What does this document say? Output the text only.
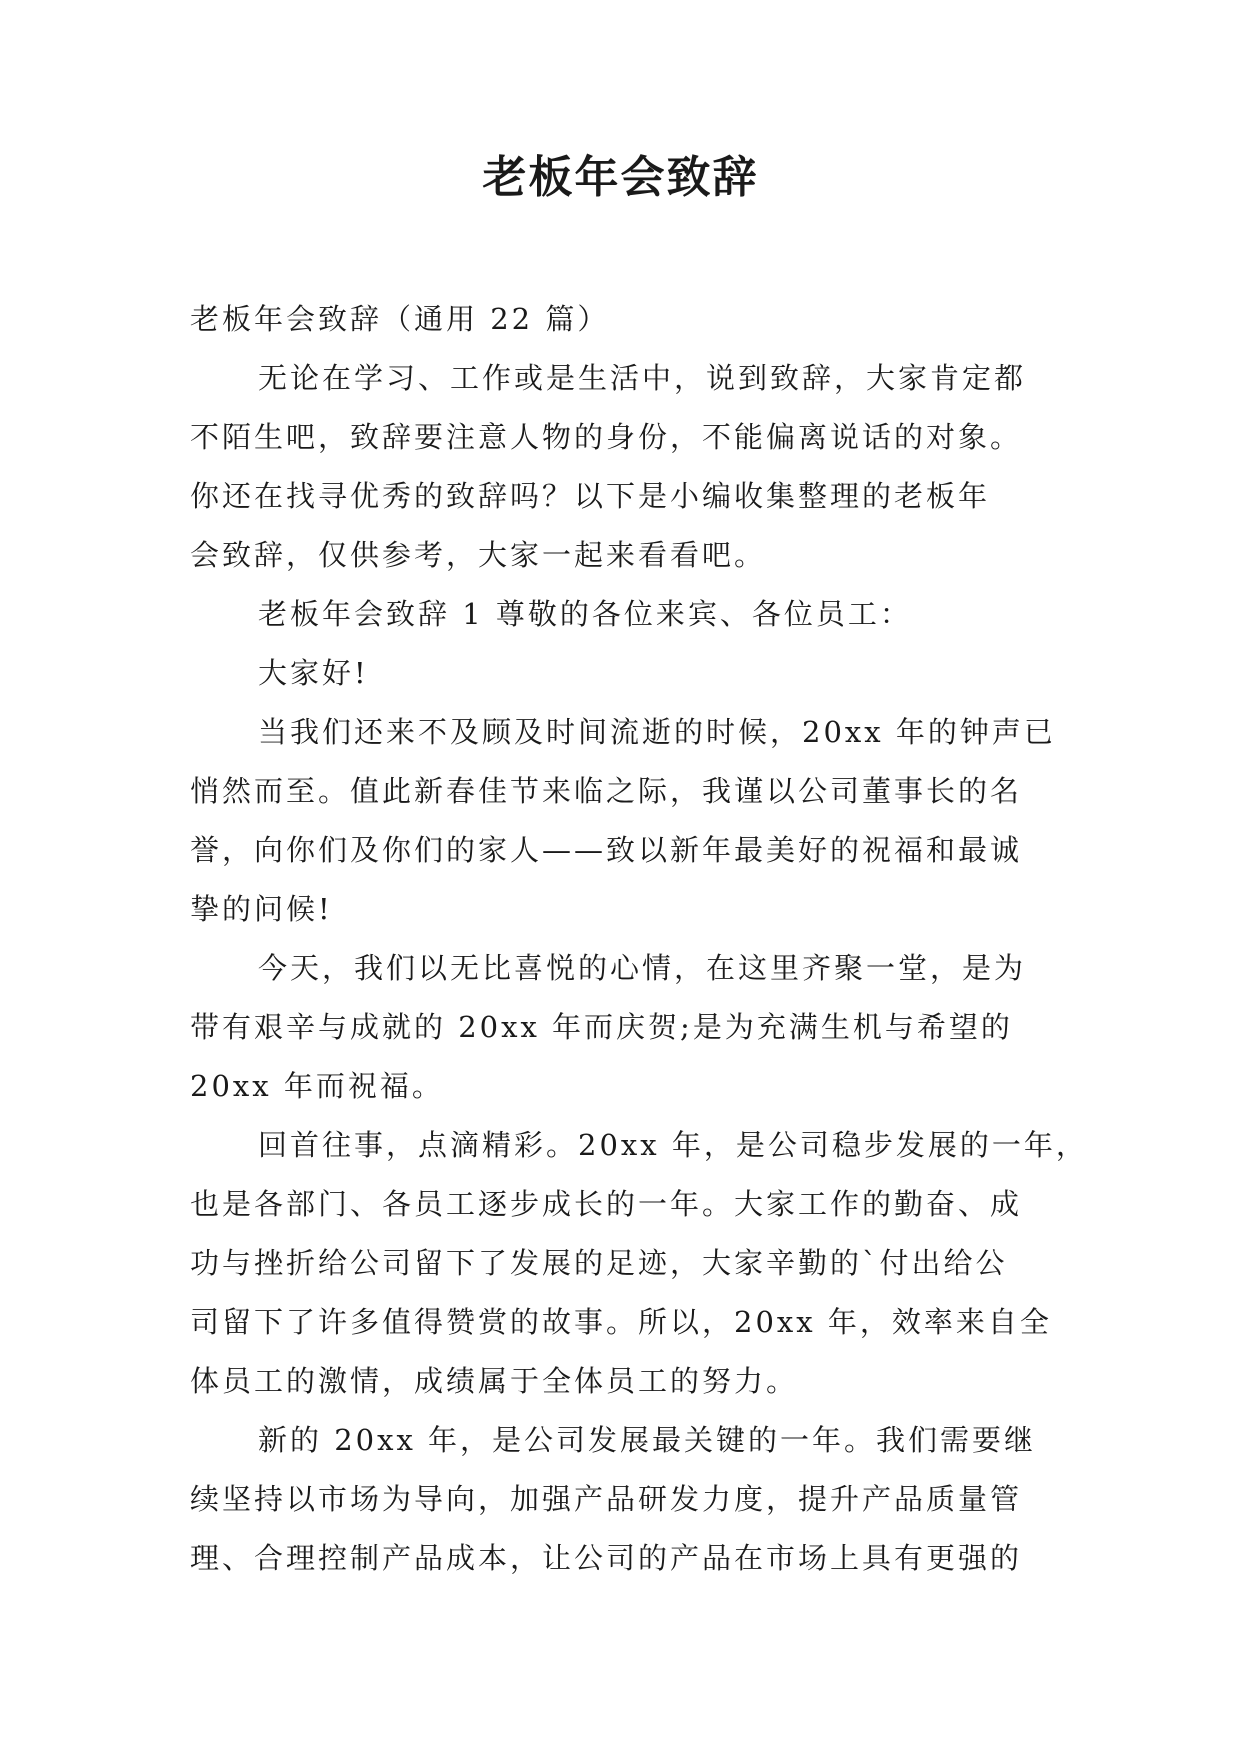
老板年会致辞

老板年会致辞（通用 22 篇）

无论在学习、工作或是生活中，说到致辞，大家肯定都

不陌生吧，致辞要注意人物的身份，不能偏离说话的对象。

你还在找寻优秀的致辞吗？以下是小编收集整理的老板年

会致辞，仅供参考，大家一起来看看吧。

老板年会致辞 1 尊敬的各位来宾、各位员工：

大家好!

当我们还来不及顾及时间流逝的时候，20xx 年的钟声已

悄然而至。值此新春佳节来临之际，我谨以公司董事长的名

誉，向你们及你们的家人——致以新年最美好的祝福和最诚

挚的问候!

今天，我们以无比喜悦的心情，在这里齐聚一堂，是为

带有艰辛与成就的 20xx 年而庆贺;是为充满生机与希望的

20xx 年而祝福。

回首往事，点滴精彩。20xx 年，是公司稳步发展的一年，

也是各部门、各员工逐步成长的一年。大家工作的勤奋、成

功与挫折给公司留下了发展的足迹，大家辛勤的`付出给公

司留下了许多值得赞赏的故事。所以，20xx 年，效率来自全

体员工的激情，成绩属于全体员工的努力。

新的 20xx 年，是公司发展最关键的一年。我们需要继

续坚持以市场为导向，加强产品研发力度，提升产品质量管

理、合理控制产品成本，让公司的产品在市场上具有更强的
